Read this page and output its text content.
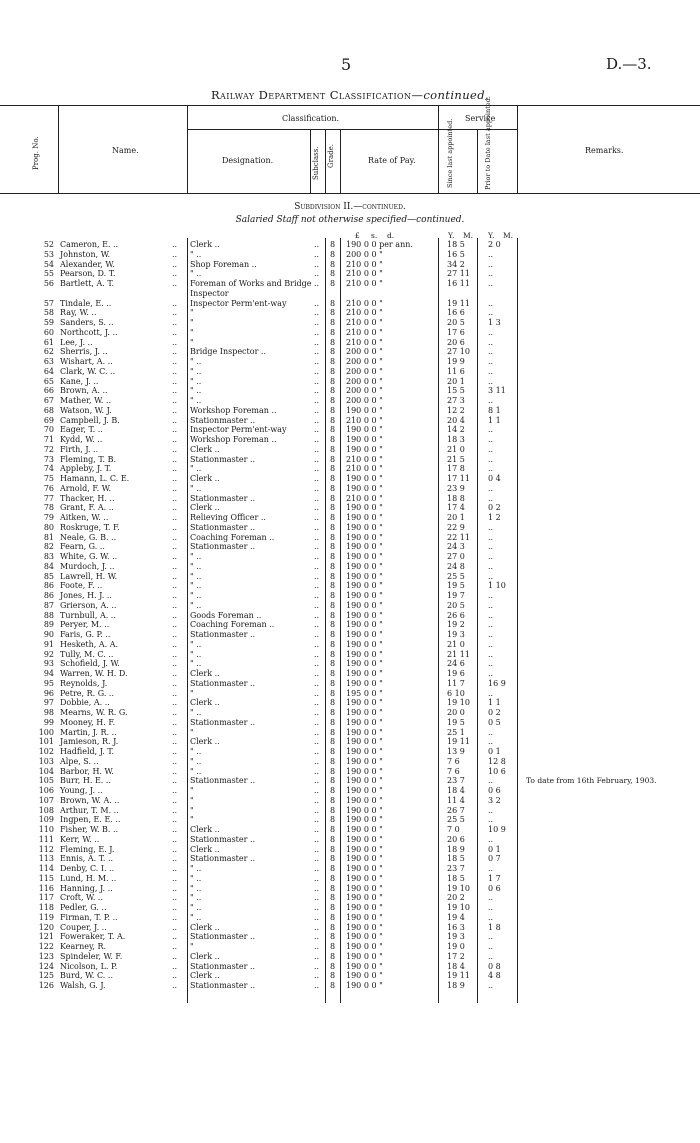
5	D.—3.
Railway Department Classification—continued.
Prog. No.	Name.
Classification.
Designation.	Subclass. Grade.	Rate of Pay.
Service
Since last appointed.	Prior to Date last appointed.	Remarks.
Subdivision II.—continued.
Salaried Staff not otherwise specified—continued.
£ s. d.	Y. M. Y. M.
52 Cameron, E. ..	.. Clerk ..	.. 8 190 0 0 per ann.	18 5	2 0
53 Johnston, W.	.. " ..	.. 8 200 0 0 "	16 5	..
54 Alexander, W.	.. Shop Foreman ..	.. 8 210 0 0 "	34 2	..
55 Pearson, D. T.	.. " ..	.. 8 210 0 0 "	27 11	..
56 Bartlett, A. T.	.. Foreman of Works and Bridge Inspector
.. 8 210 0 0 "	16 11	..
57 Tindale, E. ..	.. Inspector Perm'ent-way	.. 8 210 0 0 "	19 11	..
58 Ray, W. ..	.. "	.. 8 210 0 0 "	16 6	..
59 Sanders, S. ..	.. "	.. 8 210 0 0 "	20 5	1 3
60 Northcott, J. ..	.. "	.. 8 210 0 0 "	17 6	..
61 Lee, J. ..	.. "	.. 8 210 0 0 "	20 6	..
62 Sherris, J. ..	.. Bridge Inspector ..	.. 8 200 0 0 "	27 10	..
63 Wishart, A. ..	.. " ..	.. 8 200 0 0 "	19 9	..
64 Clark, W. C. ..	.. " ..	.. 8 200 0 0 "	11 6	..
65 Kane, J. ..	.. " ..	.. 8 200 0 0 "	20 1	..
66 Brown, A. ..	.. " ..	.. 8 200 0 0 "	15 5	3 11
67 Mather, W. ..	.. " ..	.. 8 200 0 0 "	27 3	..
68 Watson, W. J.	.. Workshop Foreman ..	.. 8 190 0 0 "	12 2	8 1
69 Campbell, J. B.	.. Stationmaster ..	.. 8 210 0 0 "	20 4	1 1
70 Eager, T. ..	.. Inspector Perm'ent-way	.. 8 190 0 0 "	14 2	..
71 Kydd, W. ..	.. Workshop Foreman ..	.. 8 190 0 0 "	18 3	..
72 Firth, J. ..	.. Clerk ..	.. 8 190 0 0 "	21 0	..
73 Fleming, T. B.	.. Stationmaster ..	.. 8 210 0 0 "	21 5	..
74 Appleby, J. T.	.. " ..	.. 8 210 0 0 "	17 8	..
75 Hamann, L. C. E.	.. Clerk ..	.. 8 190 0 0 "	17 11	0 4
76 Arnold, F. W.	.. " ..	.. 8 190 0 0 "	23 9	..
77 Thacker, H. ..	.. Stationmaster ..	.. 8 210 0 0 "	18 8	..
78 Grant, F. A. ..	.. Clerk ..	.. 8 190 0 0 "	17 4	0 2
79 Aitken, W. ..	.. Relieving Officer ..	.. 8 190 0 0 "	20 1	1 2
80 Roskruge, T. F.	.. Stationmaster ..	.. 8 190 0 0 "	22 9	..
81 Neale, G. B. ..	.. Coaching Foreman ..	.. 8 190 0 0 "	22 11	..
82 Fearn, G. ..	.. Stationmaster ..	.. 8 190 0 0 "	24 3	..
83 White, G. W. ..	.. " ..	.. 8 190 0 0 "	27 0	..
84 Murdoch, J. ..	.. " ..	.. 8 190 0 0 "	24 8	..
85 Lawrell, H. W.	.. " ..	.. 8 190 0 0 "	25 5	..
86 Foote, F. ..	.. " ..	.. 8 190 0 0 "	19 5	1 10
86 Jones, H. J. ..	.. " ..	.. 8 190 0 0 "	19 7	..
87 Grierson, A. ..	.. " ..	.. 8 190 0 0 "	20 5	..
88 Turnbull, A. ..	.. Goods Foreman ..	.. 8 190 0 0 "	26 6	..
89 Peryer, M. ..	.. Coaching Foreman ..	.. 8 190 0 0 "	19 2	..
90 Faris, G. P. ..	.. Stationmaster ..	.. 8 190 0 0 "	19 3	..
91 Hesketh, A. A.	.. " ..	.. 8 190 0 0 "	21 0	..
92 Tully, M. C. ..	.. " ..	.. 8 190 0 0 "	21 11	..
93 Schofield, J. W.	.. " ..	.. 8 190 0 0 "	24 6	..
94 Warren, W. H. D.	.. Clerk ..	.. 8 190 0 0 "	19 6	..
95 Reynolds, J.	.. Stationmaster ..	.. 8 190 0 0 "	11 7	16 9
96 Petre, R. G. ..	.. "	.. 8 195 0 0 "	6 10	..
97 Dobbie, A. ..	.. Clerk ..	.. 8 190 0 0 "	19 10	1 1
98 Mearns, W. R. G.	.. " ..	.. 8 190 0 0 "	20 0	0 2
99 Mooney, H. F.	.. Stationmaster ..	.. 8 190 0 0 "	19 5	0 5
100 Martin, J. R. ..	.. "	.. 8 190 0 0 "	25 1	..
101 Jamieson, R. J.	.. Clerk ..	.. 8 190 0 0 "	19 11	..
102 Hadfield, J. T.	.. " ..	.. 8 190 0 0 "	13 9	0 1
103 Alpe, S. ..	.. " ..	.. 8 190 0 0 "	7 6	12 8
104 Barbor, H. W.	.. " ..	.. 8 190 0 0 "	7 6	10 6
105 Burr, H. E. ..	.. Stationmaster ..	.. 8 190 0 0 "	23 7	..	To date from 16th February, 1903.
106 Young, J. ..	.. "	.. 8 190 0 0 "	18 4	0 6
107 Brown, W. A. ..	.. "	.. 8 190 0 0 "	11 4	3 2
108 Arthur, T. M. ..	.. "	.. 8 190 0 0 "	26 7	..
109 Ingpen, E. E. ..	.. "	.. 8 190 0 0 "	25 5	..
110 Fisher, W. B. ..	.. Clerk ..	.. 8 190 0 0 "	7 0	10 9
111 Kerr, W. ..	.. Stationmaster ..	.. 8 190 0 0 "	20 6	..
112 Fleming, E. J.	.. Clerk ..	.. 8 190 0 0 "	18 9	0 1
113 Ennis, A. T. ..	.. Stationmaster ..	.. 8 190 0 0 "	18 5	0 7
114 Denby, C. I. ..	.. " ..	.. 8 190 0 0 "	23 7	..
115 Lund, H. M. ..	.. " ..	.. 8 190 0 0 "	18 5	1 7
116 Hanning, J. ..	.. " ..	.. 8 190 0 0 "	19 10	0 6
117 Croft, W. ..	.. " ..	.. 8 190 0 0 "	20 2	..
118 Pedler, G. ..	.. " ..	.. 8 190 0 0 "	19 10	..
119 Firman, T. P. ..	.. " ..	.. 8 190 0 0 "	19 4	..
120 Couper, J. ..	.. Clerk ..	.. 8 190 0 0 "	16 3	1 8
121 Foweraker, T. A.	.. Stationmaster ..	.. 8 190 0 0 "	19 3	..
122 Kearney, R.	.. "	.. 8 190 0 0 "	19 0	..
123 Spindeler, W. F.	.. Clerk ..	.. 8 190 0 0 "	17 2	..
124 Nicolson, L. P.	.. Stationmaster ..	.. 8 190 0 0 "	18 4	0 8
125 Burd, W. C. ..	.. Clerk ..	.. 8 190 0 0 "	19 11	4 8
126 Walsh, G. J.	.. Stationmaster ..	.. 8 190 0 0 "	18 9	..
